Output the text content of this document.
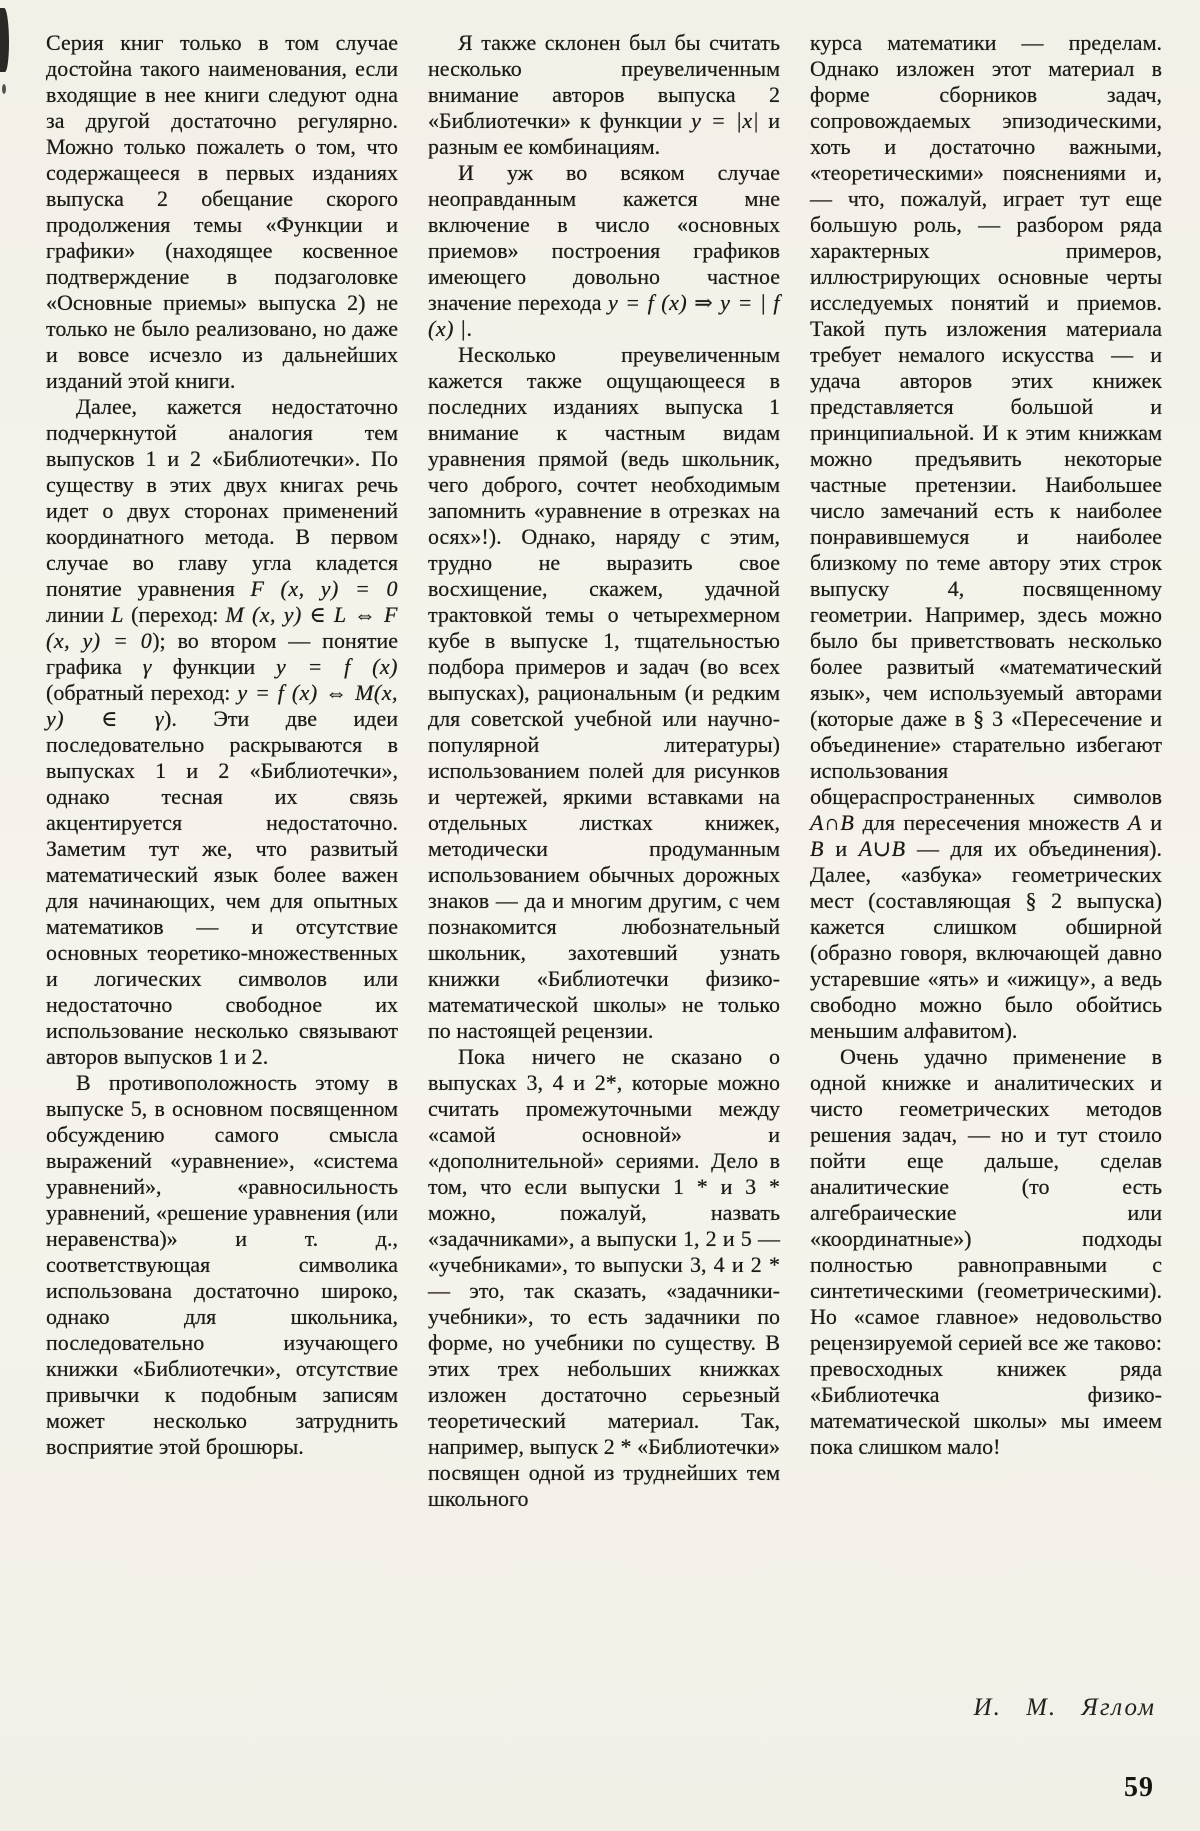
Серия книг только в том случае достойна такого наименования, если входящие в нее книги следуют одна за другой достаточно регулярно. Можно только пожалеть о том, что содержащееся в первых изданиях выпуска 2 обещание скорого продолжения темы «Функции и графики» (находящее косвенное подтверждение в подзаголовке «Основные приемы» выпуска 2) не только не было реализовано, но даже и вовсе исчезло из дальнейших изданий этой книги.

Далее, кажется недостаточно подчеркнутой аналогия тем выпусков 1 и 2 «Библиотечки». По существу в этих двух книгах речь идет о двух сторонах применений координатного метода. В первом случае во главу угла кладется понятие уравнения F (x, y) = 0 линии L (переход: M (x, y) ∈ L ⇔ F (x, y) = 0); во втором — понятие графика γ функции y = f (x) (обратный переход: y = f (x) ⇔ M(x, y) ∈ γ). Эти две идеи последовательно раскрываются в выпусках 1 и 2 «Библиотечки», однако тесная их связь акцентируется недостаточно. Заметим тут же, что развитый математический язык более важен для начинающих, чем для опытных математиков — и отсутствие основных теоретико-множественных и логических символов или недостаточно свободное их использование несколько связывают авторов выпусков 1 и 2.

В противоположность этому в выпуске 5, в основном посвященном обсуждению самого смысла выражений «уравнение», «система уравнений», «равносильность уравнений, «решение уравнения (или неравенства)» и т. д., соответствующая символика использована достаточно широко, однако для школьника, последовательно изучающего книжки «Библиотечки», отсутствие привычки к подобным записям может несколько затруднить восприятие этой брошюры.

Я также склонен был бы считать несколько преувеличенным внимание авторов выпуска 2 «Библиотечки» к функции y = |x| и разным ее комбинациям.

И уж во всяком случае неоправданным кажется мне включение в число «основных приемов» построения графиков имеющего довольно частное значение перехода y = f (x) ⇒ y = | f (x) |.

Несколько преувеличенным кажется также ощущающееся в последних изданиях выпуска 1 внимание к частным видам уравнения прямой (ведь школьник, чего доброго, сочтет необходимым запомнить «уравнение в отрезках на осях»!). Однако, наряду с этим, трудно не выразить свое восхищение, скажем, удачной трактовкой темы о четырехмерном кубе в выпуске 1, тщательностью подбора примеров и задач (во всех выпусках), рациональным (и редким для советской учебной или научно-популярной литературы) использованием полей для рисунков и чертежей, яркими вставками на отдельных листках книжек, методически продуманным использованием обычных дорожных знаков — да и многим другим, с чем познакомится любознательный школьник, захотевший узнать книжки «Библиотечки физико-математической школы» не только по настоящей рецензии.

Пока ничего не сказано о выпусках 3, 4 и 2*, которые можно считать промежуточными между «самой основной» и «дополнительной» сериями. Дело в том, что если выпуски 1 * и 3 * можно, пожалуй, назвать «задачниками», а выпуски 1, 2 и 5 — «учебниками», то выпуски 3, 4 и 2 * — это, так сказать, «задачники-учебники», то есть задачники по форме, но учебники по существу. В этих трех небольших книжках изложен достаточно серьезный теоретический материал. Так, например, выпуск 2 * «Библиотечки» посвящен одной из труднейших тем школьного

курса математики — пределам. Однако изложен этот материал в форме сборников задач, сопровождаемых эпизодическими, хоть и достаточно важными, «теоретическими» пояснениями и, — что, пожалуй, играет тут еще большую роль, — разбором ряда характерных примеров, иллюстрирующих основные черты исследуемых понятий и приемов. Такой путь изложения материала требует немалого искусства — и удача авторов этих книжек представляется большой и принципиальной. И к этим книжкам можно предъявить некоторые частные претензии. Наибольшее число замечаний есть к наиболее понравившемуся и наиболее близкому по теме автору этих строк выпуску 4, посвященному геометрии. Например, здесь можно было бы приветствовать несколько более развитый «математический язык», чем используемый авторами (которые даже в § 3 «Пересечение и объединение» старательно избегают использования общераспространенных символов A∩B для пересечения множеств A и B и A∪B — для их объединения). Далее, «азбука» геометрических мест (составляющая § 2 выпуска) кажется слишком обширной (образно говоря, включающей давно устаревшие «ять» и «ижицу», а ведь свободно можно было обойтись меньшим алфавитом).

Очень удачно применение в одной книжке и аналитических и чисто геометрических методов решения задач, — но и тут стоило пойти еще дальше, сделав аналитические (то есть алгебраические или «координатные») подходы полностью равноправными с синтетическими (геометрическими). Но «самое главное» недовольство рецензируемой серией все же таково: превосходных книжек ряда «Библиотечка физико-математической школы» мы имеем пока слишком мало!

И. М. Яглом
59
